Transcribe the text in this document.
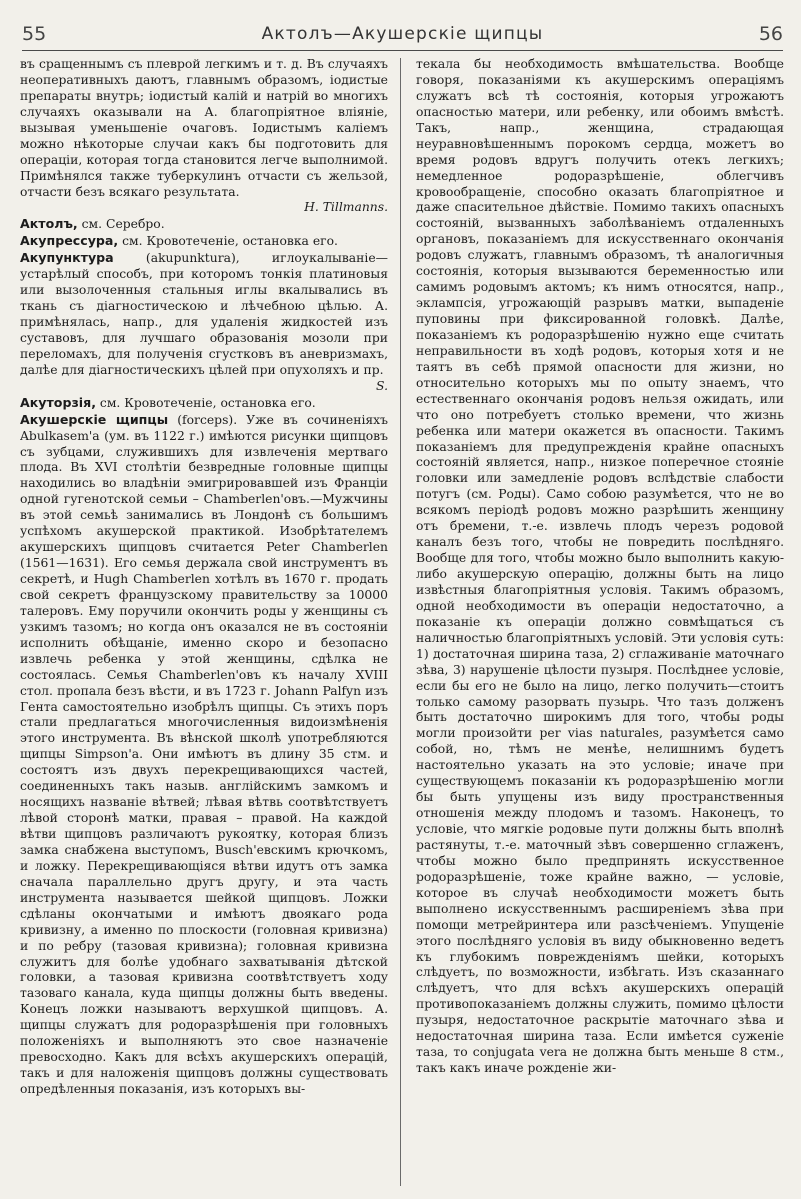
55	Актолъ—Акушерскіе щипцы	56

въ сращеннымъ съ плеврой легкимъ и т. д. Въ случаяхъ неоперативныхъ даютъ, главнымъ образомъ, іодистые препараты внутрь; іодистый калій и натрій во многихъ случаяхъ оказывали на А. благопріятное вліяніе, вызывая уменьшеніе очаговъ. Іодистымъ каліемъ можно нѣкоторые случаи какъ бы подготовить для операціи, которая тогда становится легче выполнимой. Примѣнялся также туберкулинъ отчасти съ жельзой, отчасти безъ всякаго результата.

Н. Tillmanns.

Актолъ, см. Серебро.

Акупрессура, см. Кровотеченіе, остановка его.

Акупунктура (akupunktura), иглоукалываніе—устарѣлый способъ, при которомъ тонкія платиновыя или вызолоченныя стальныя иглы вкалывались въ ткань съ діагностическою и лѣчебною цѣлью. А. примѣнялась, напр., для удаленія жидкостей изъ суставовъ, для лучшаго образованія мозоли при переломахъ, для полученія сгустковъ въ аневризмахъ, далѣе для діагностическихъ цѣлей при опухоляхъ и пр.

S.

Акуторзія, см. Кровотеченіе, остановка его.

Акушерскіе щипцы (forceps). Уже въ сочиненіяхъ Abulkasem'a (ум. въ 1122 г.) имѣются рисунки щипцовъ съ зубцами, служившихъ для извлеченія мертваго плода. Въ XVI столѣтіи безвредные головные щипцы находились во владѣніи эмигрировавшей изъ Франціи одной гугенотской семьи – Chamberlen'овъ.—Мужчины въ этой семьѣ занимались въ Лондонѣ съ большимъ успѣхомъ акушерской практикой. Изобрѣтателемъ акушерскихъ щипцовъ считается Peter Chamberlen (1561—1631). Его семья держала свой инструментъ въ секретѣ, и Hugh Chamberlen хотѣлъ въ 1670 г. продать свой секретъ французскому правительству за 10000 талеровъ. Ему поручили окончить роды у женщины съ узкимъ тазомъ; но когда онъ оказался не въ состояніи исполнить обѣщаніе, именно скоро и безопасно извлечь ребенка у этой женщины, сдѣлка не состоялась. Семья Chamberlen'овъ къ началу XVIII стол. пропала безъ вѣсти, и въ 1723 г. Johann Palfyn изъ Гента самостоятельно изобрѣлъ щипцы. Съ этихъ поръ стали предлагаться многочисленныя видоизмѣненія этого инструмента. Въ вѣнской школѣ употребляются щипцы Simpson'a. Они имѣютъ въ длину 35 стм. и состоятъ изъ двухъ перекрещивающихся частей, соединенныхъ такъ назыв. англійскимъ замкомъ и носящихъ названіе вѣтвей; лѣвая вѣтвь соотвѣтствуетъ лѣвой сторонѣ матки, правая – правой. На каждой вѣтви щипцовъ различаютъ рукоятку, которая близъ замка снабжена выступомъ, Busch'евскимъ крючкомъ, и ложку. Перекрещивающіяся вѣтви идутъ отъ замка сначала параллельно другъ другу, и эта часть инструмента называется шейкой щипцовъ. Ложки сдѣланы окончатыми и имѣютъ двоякаго рода кривизну, а именно по плоскости (головная кривизна) и по ребру (тазовая кривизна); головная кривизна служитъ для болѣе удобнаго захватыванія дѣтской головки, а тазовая кривизна соотвѣтствуетъ ходу тазоваго канала, куда щипцы должны быть введены. Конецъ ложки называютъ верхушкой щипцовъ. А. щипцы служатъ для родоразрѣшенія при головныхъ положеніяхъ и выполняютъ это свое назначеніе превосходно. Какъ для всѣхъ акушерскихъ операцій, такъ и для наложенія щипцовъ должны существовать опредѣленныя показанія, изъ которыхъ вы-

текала бы необходимость вмѣшательства. Вообще говоря, показаніями къ акушерскимъ операціямъ служатъ всѣ тѣ состоянія, которыя угрожаютъ опасностью матери, или ребенку, или обоимъ вмѣстѣ. Такъ, напр., женщина, страдающая неуравновѣшеннымъ порокомъ сердца, можетъ во время родовъ вдругъ получить отекъ легкихъ; немедленное родоразрѣшеніе, облегчивъ кровообращеніе, способно оказать благопріятное и даже спасительное дѣйствіе. Помимо такихъ опасныхъ состояній, вызванныхъ заболѣваніемъ отдаленныхъ органовъ, показаніемъ для искусственнаго окончанія родовъ служатъ, главнымъ образомъ, тѣ аналогичныя состоянія, которыя вызываются беременностью или самимъ родовымъ актомъ; къ нимъ относятся, напр., эклампсія, угрожающій разрывъ матки, выпаденіе пуповины при фиксированной головкѣ. Далѣе, показаніемъ къ родоразрѣшенію нужно еще считать неправильности въ ходѣ родовъ, которыя хотя и не таятъ въ себѣ прямой опасности для жизни, но относительно которыхъ мы по опыту знаемъ, что естественнаго окончанія родовъ нельзя ожидать, или что оно потребуетъ столько времени, что жизнь ребенка или матери окажется въ опасности. Такимъ показаніемъ для предупрежденія крайне опасныхъ состояній является, напр., низкое поперечное стояніе головки или замедленіе родовъ вслѣдствіе слабости потугъ (см. Роды). Само собою разумѣется, что не во всякомъ періодѣ родовъ можно разрѣшить женщину отъ бремени, т.-е. извлечь плодъ черезъ родовой каналъ безъ того, чтобы не повредить послѣдняго. Вообще для того, чтобы можно было выполнить какую-либо акушерскую операцію, должны быть на лицо извѣстныя благопріятныя условія. Такимъ образомъ, одной необходимости въ операціи недостаточно, а показаніе къ операціи должно совмѣщаться съ наличностью благопріятныхъ условій. Эти условія суть: 1) достаточная ширина таза, 2) сглаживаніе маточнаго зѣва, 3) нарушеніе цѣлости пузыря. Послѣднее условіе, если бы его не было на лицо, легко получить—стоитъ только самому разорвать пузырь. Что тазъ долженъ быть достаточно широкимъ для того, чтобы роды могли произойти per vias naturales, разумѣется само собой, но, тѣмъ не менѣе, нелишнимъ будетъ настоятельно указать на это условіе; иначе при существующемъ показаніи къ родоразрѣшенію могли бы быть упущены изъ виду пространственныя отношенія между плодомъ и тазомъ. Наконецъ, то условіе, что мягкіе родовые пути должны быть вполнѣ растянуты, т.-е. маточный зѣвъ совершенно сглаженъ, чтобы можно было предпринять искусственное родоразрѣшеніе, тоже крайне важно, — условіе, которое въ случаѣ необходимости можетъ быть выполнено искусственнымъ расширеніемъ зѣва при помощи метрейринтера или разсѣченіемъ. Упущеніе этого послѣдняго условія въ виду обыкновенно ведетъ къ глубокимъ поврежденіямъ шейки, которыхъ слѣдуетъ, по возможности, избѣгать. Изъ сказаннаго слѣдуетъ, что для всѣхъ акушерскихъ операцій противопоказаніемъ должны служить, помимо цѣлости пузыря, недостаточное раскрытіе маточнаго зѣва и недостаточная ширина таза. Если имѣется суженіе таза, то conjugata vera не должна быть меньше 8 стм., такъ какъ иначе рожденіе жи-
